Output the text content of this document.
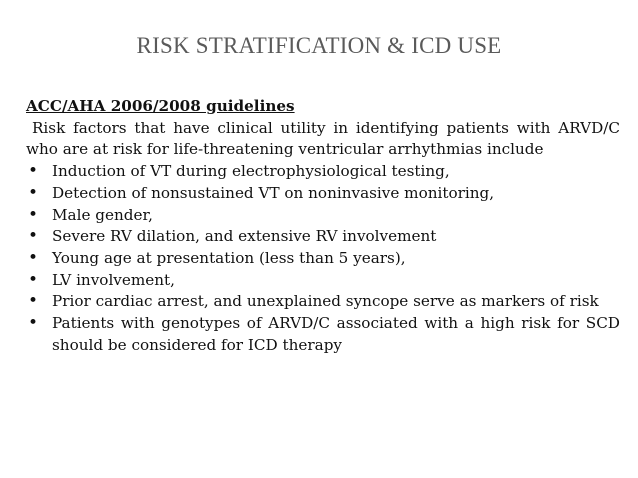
RISK STRATIFICATION & ICD USE

ACC/AHA 2006/2008 guidelines

Risk factors that have clinical utility in identifying patients with ARVD/C who are at risk for life-threatening ventricular arrhythmias include

• Induction of VT during electrophysiological testing,
• Detection of nonsustained VT on noninvasive monitoring,
• Male gender,
• Severe RV dilation, and extensive RV involvement
• Young age at presentation (less than 5 years),
• LV involvement,
• Prior cardiac arrest, and unexplained syncope serve as markers of risk
• Patients with genotypes of ARVD/C associated with a high risk for SCD should be considered for ICD therapy
